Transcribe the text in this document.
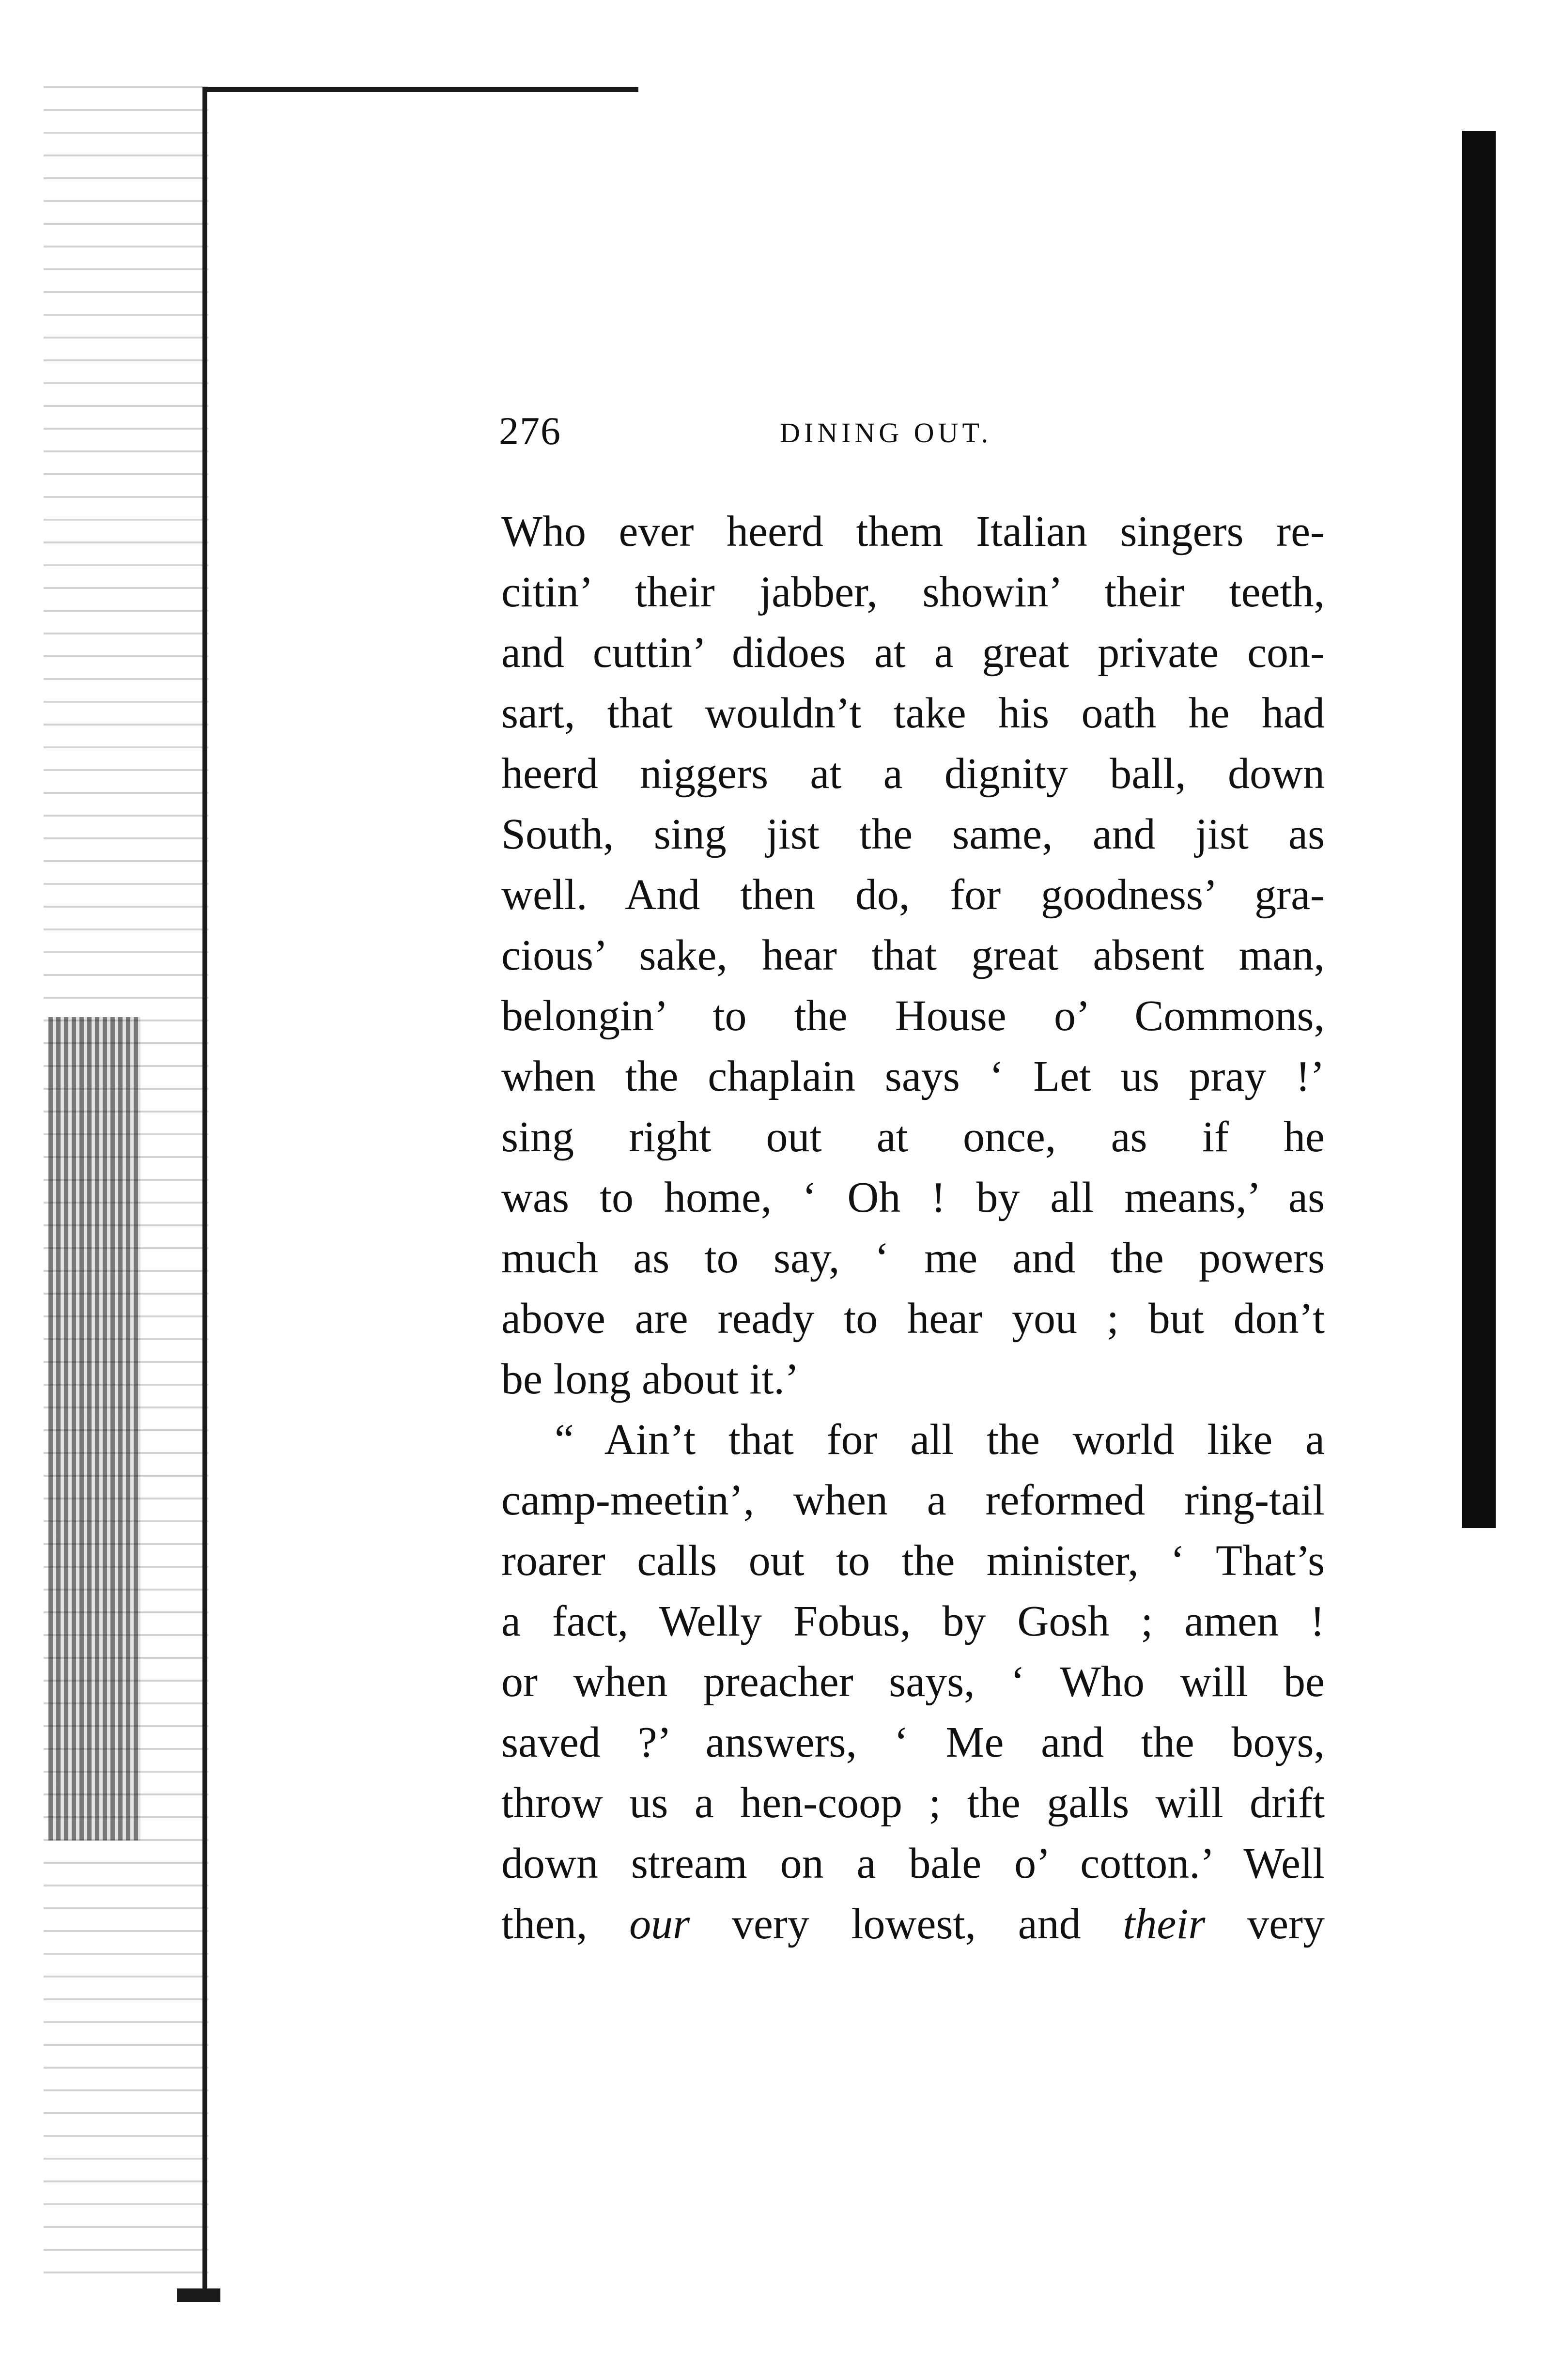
276	DINING OUT.
Who ever heerd them Italian singers re-
citin’ their jabber, showin’ their teeth,
and cuttin’ didoes at a great private con-
sart, that wouldn’t take his oath he had
heerd niggers at a dignity ball, down
South, sing jist the same, and jist as
well. And then do, for goodness’ gra-
cious’ sake, hear that great absent man,
belongin’ to the House o’ Commons,
when the chaplain says ‘ Let us pray !’
sing right out at once, as if he
was to home, ‘ Oh ! by all means,’ as
much as to say, ‘ me and the powers
above are ready to hear you ; but don’t
be long about it.’
“ Ain’t that for all the world like a
camp-meetin’, when a reformed ring-tail
roarer calls out to the minister, ‘ That’s
a fact, Welly Fobus, by Gosh ; amen !
or when preacher says, ‘ Who will be
saved ?’ answers, ‘ Me and the boys,
throw us a hen-coop ; the galls will drift
down stream on a bale o’ cotton.’ Well
then, our very lowest, and their very
